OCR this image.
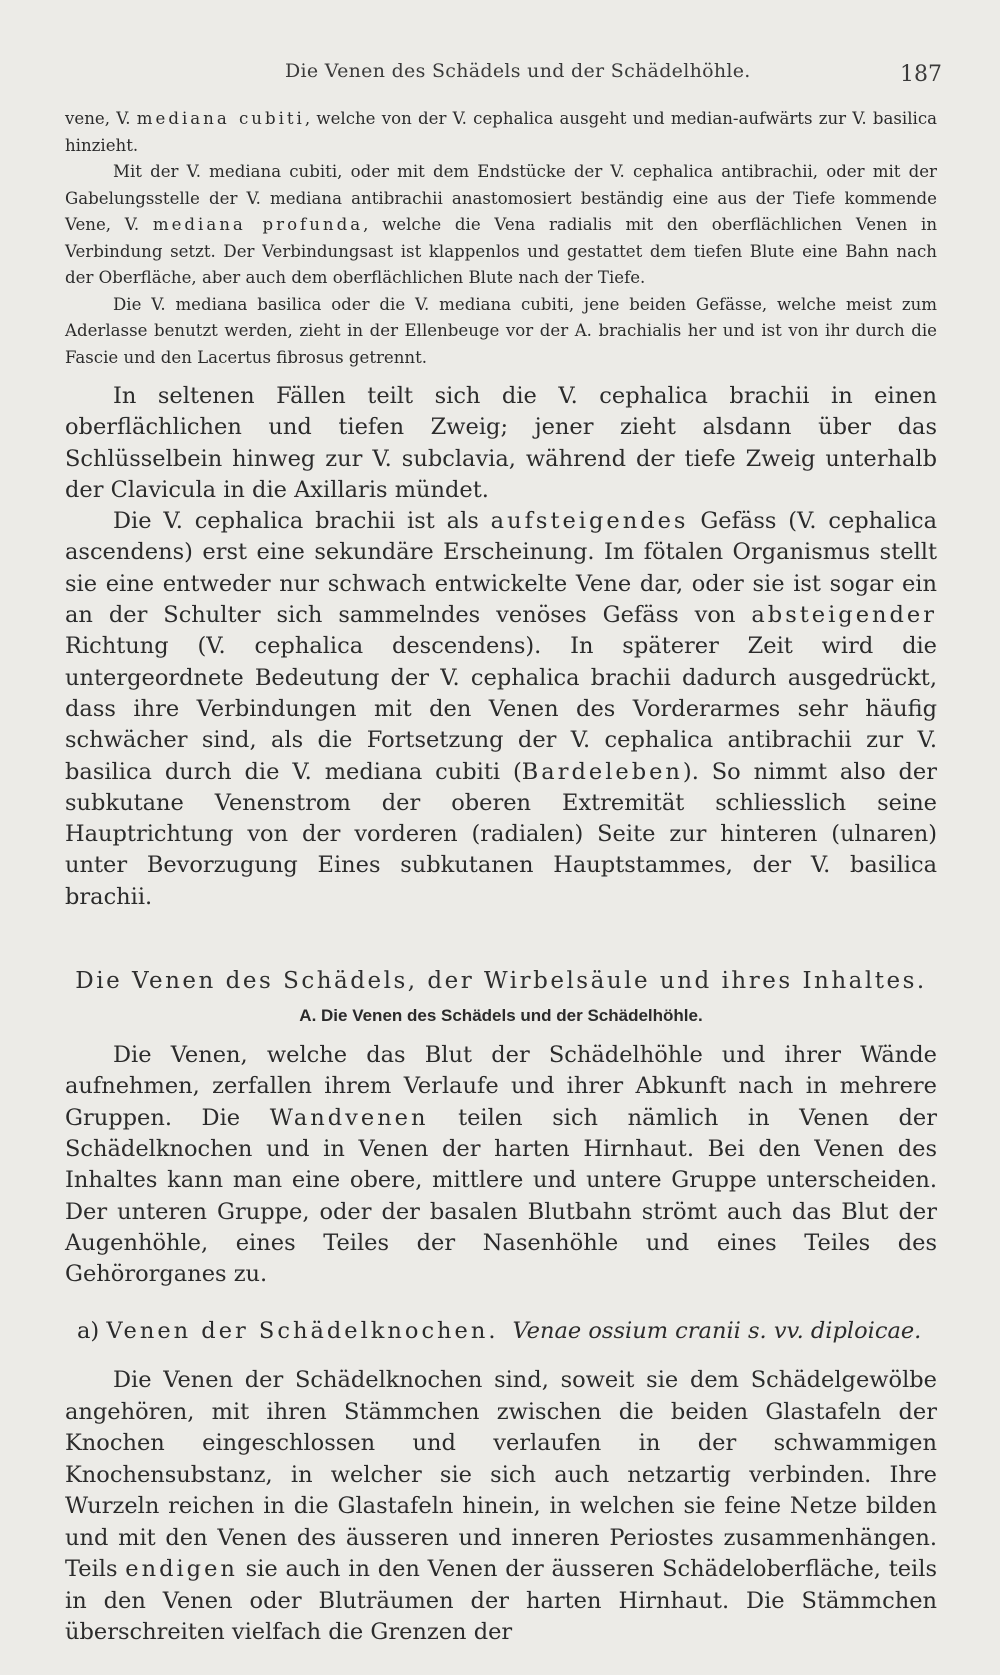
Die Venen des Schädels und der Schädelhöhle.	187

vene, V. mediana cubiti, welche von der V. cephalica ausgeht und median-aufwärts zur V. basilica hinzieht.

Mit der V. mediana cubiti, oder mit dem Endstücke der V. cephalica antibrachii, oder mit der Gabelungsstelle der V. mediana antibrachii anastomosiert beständig eine aus der Tiefe kommende Vene, V. mediana profunda, welche die Vena radialis mit den oberflächlichen Venen in Verbindung setzt. Der Verbindungsast ist klappenlos und gestattet dem tiefen Blute eine Bahn nach der Oberfläche, aber auch dem oberflächlichen Blute nach der Tiefe.

Die V. mediana basilica oder die V. mediana cubiti, jene beiden Gefässe, welche meist zum Aderlasse benutzt werden, zieht in der Ellenbeuge vor der A. brachialis her und ist von ihr durch die Fascie und den Lacertus fibrosus getrennt.

In seltenen Fällen teilt sich die V. cephalica brachii in einen oberflächlichen und tiefen Zweig; jener zieht alsdann über das Schlüsselbein hinweg zur V. subclavia, während der tiefe Zweig unterhalb der Clavicula in die Axillaris mündet.

Die V. cephalica brachii ist als aufsteigendes Gefäss (V. cephalica ascendens) erst eine sekundäre Erscheinung. Im fötalen Organismus stellt sie eine entweder nur schwach entwickelte Vene dar, oder sie ist sogar ein an der Schulter sich sammelndes venöses Gefäss von absteigender Richtung (V. cephalica descendens). In späterer Zeit wird die untergeordnete Bedeutung der V. cephalica brachii dadurch ausgedrückt, dass ihre Verbindungen mit den Venen des Vorderarmes sehr häufig schwächer sind, als die Fortsetzung der V. cephalica antibrachii zur V. basilica durch die V. mediana cubiti (Bardeleben). So nimmt also der subkutane Venenstrom der oberen Extremität schliesslich seine Hauptrichtung von der vorderen (radialen) Seite zur hinteren (ulnaren) unter Bevorzugung Eines subkutanen Hauptstammes, der V. basilica brachii.

Die Venen des Schädels, der Wirbelsäule und ihres Inhaltes.
A. Die Venen des Schädels und der Schädelhöhle.

Die Venen, welche das Blut der Schädelhöhle und ihrer Wände aufnehmen, zerfallen ihrem Verlaufe und ihrer Abkunft nach in mehrere Gruppen. Die Wandvenen teilen sich nämlich in Venen der Schädelknochen und in Venen der harten Hirnhaut. Bei den Venen des Inhaltes kann man eine obere, mittlere und untere Gruppe unterscheiden. Der unteren Gruppe, oder der basalen Blutbahn strömt auch das Blut der Augenhöhle, eines Teiles der Nasenhöhle und eines Teiles des Gehörorganes zu.

a) Venen der Schädelknochen. Venae ossium cranii s. vv. diploicae.

Die Venen der Schädelknochen sind, soweit sie dem Schädelgewölbe angehören, mit ihren Stämmchen zwischen die beiden Glastafeln der Knochen eingeschlossen und verlaufen in der schwammigen Knochensubstanz, in welcher sie sich auch netzartig verbinden. Ihre Wurzeln reichen in die Glastafeln hinein, in welchen sie feine Netze bilden und mit den Venen des äusseren und inneren Periostes zusammenhängen. Teils endigen sie auch in den Venen der äusseren Schädeloberfläche, teils in den Venen oder Bluträumen der harten Hirnhaut. Die Stämmchen überschreiten vielfach die Grenzen der
